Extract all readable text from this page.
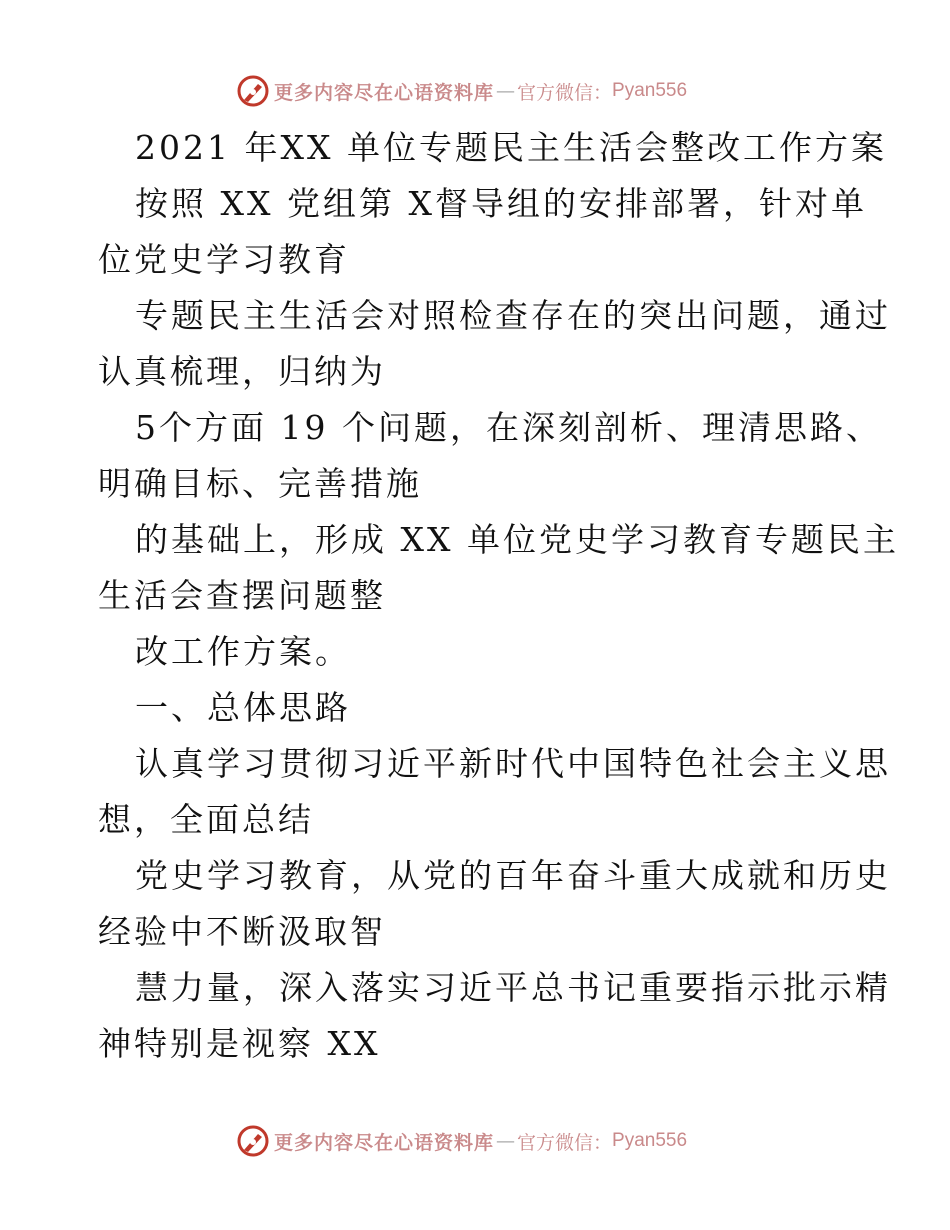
更多内容尽在心语资料库 — 官方微信： Pyan556
2021 年XX 单位专题民主生活会整改工作方案
按照 XX 党组第 X督导组的安排部署，针对单
位党史学习教育
专题民主生活会对照检查存在的突出问题，通过
认真梳理，归纳为
5个方面 19 个问题，在深刻剖析、理清思路、
明确目标、完善措施
的基础上，形成 XX 单位党史学习教育专题民主
生活会查摆问题整
改工作方案。
一、总体思路
认真学习贯彻习近平新时代中国特色社会主义思
想，全面总结
党史学习教育，从党的百年奋斗重大成就和历史
经验中不断汲取智
慧力量，深入落实习近平总书记重要指示批示精
神特别是视察 XX
更多内容尽在心语资料库 — 官方微信： Pyan556
